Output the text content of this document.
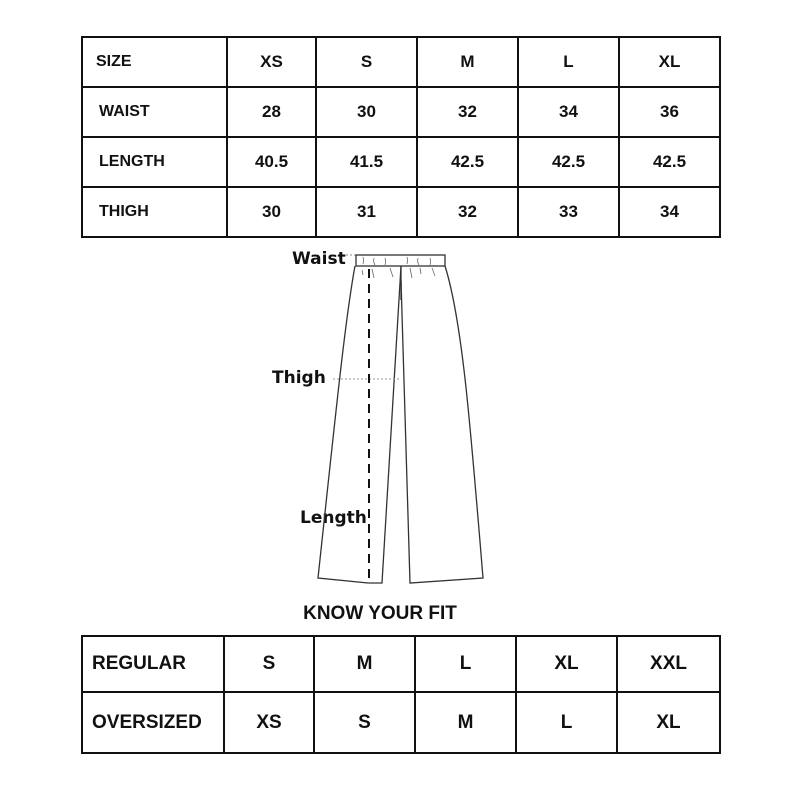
SIZE	XS	S	M	L	XL
WAIST	28	30	32	34	36
LENGTH	40.5	41.5	42.5	42.5	42.5
THIGH	30	31	32	33	34
Waist
Thigh
Length
KNOW YOUR FIT
REGULAR	S	M	L	XL	XXL
OVERSIZED	XS	S	M	L	XL
